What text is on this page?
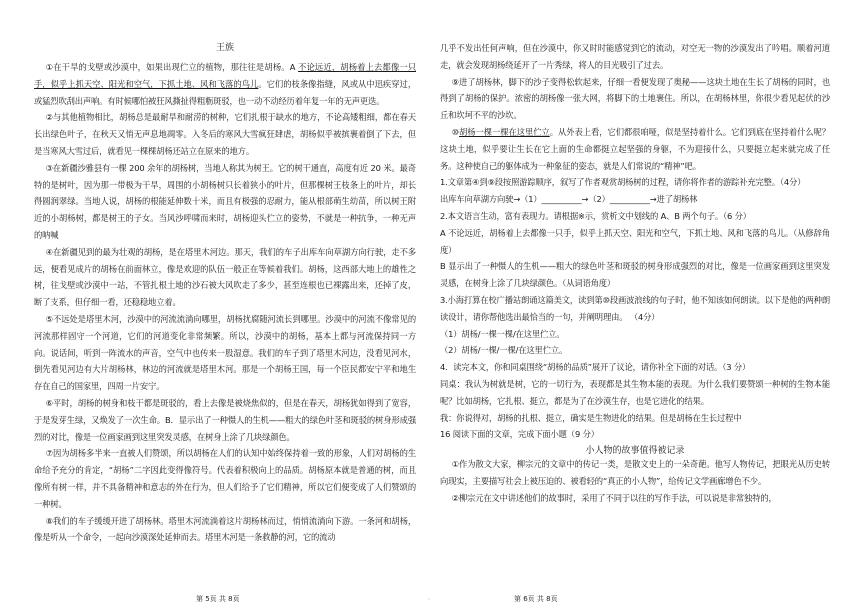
王族

①在干旱的戈壁或沙漠中，如果出现伫立的植物，那往往是胡杨。A 不论远近，胡杨着上去都像一只手，似乎上抓天空、阳光和空气，下抓土地、风和飞落的鸟儿。它们的枝条像指缝，风或从中迅疾穿过，或猛烈吹刮出声响。有时候哪怕被狂风撕扯得粗粝斑驳，也一动不动经历着年复一年的无声更迭。

②与其他植物相比，胡杨总是最耐旱和耐涝的树种，它们扎根于缺水的地方，不论高矮粗细，都在春天长出绿色叶子，在秋天又悄无声息地凋零。入冬后的寒风大雪疯狂肆虐，胡杨似乎被摈裹着倒了下去，但是当寒风大雪过后，就看见一棵棵胡杨还站立在原来的地方。

③在新疆沙雅县有一棵 200 余年的胡杨树，当地人称其为树王。它的树干通直，高度有近 20 米。最奇特的是树叶，因为那一带极为干旱，周围的小胡杨树只长着狭小的叶片，但那棵树王枝条上的叶片，却长得圆润翠绿。当地人说，胡杨的根能延伸数十米，而且有极强的忍耐力，能从根部萌生幼苗，所以树王附近的小胡杨树，都是树王的子女。当风沙呼啸而来时，胡杨迎头伫立的姿势，不就是一种抗争，一种无声的呐喊

④在新疆见到的最为壮观的胡杨，是在塔里木河边。那天，我们的车子出库车向草湖方向行驶，走不多远，便看见成片的胡杨在前面林立，像是欢迎的队伍一般正在等候着我们。胡杨，这西部大地上的雄性之树，往戈壁或沙漠中一站，不管扎根土地的沙石被大风吹走了多少，甚至连根也已裸露出来，还掉了皮，断了支系，但仔细一看，还稳稳地立着。

⑤不远处是塔里木河，沙漠中的河流流淌向哪里，胡杨扰腐随河流长到哪里。沙漠中的河流不像常见的河流那样固守一个河道，它们的河道变化非常频繁。所以，沙漠中的胡杨，基本上都与河流保持同一方向。说话间，听到一阵流水的声音，空气中也传来一股湿意。我们的车子到了塔里木河边，没看见河水，倒先看见河边有大片胡杨林，林边的河流就是塔里木河。那是一个胡杨王国，每一个臣民都安宁平和地生存在自己的国家里，四周一片安宁。

⑥平时，胡杨的树身和枝干都是斑驳的，看上去像是被烧焦似的，但是在春天，胡杨犹如得到了宽容，于是发芽生绿，又焕发了一次生命。B．显示出了一种慑人的生机——粗大的绿色叶茎和斑驳的树身形成强烈的对比，像是一位画家画到这里突发灵感，在树身上涂了几块绿颜色。

⑦因为胡杨多半来一直被人们赞颂，所以胡杨在人们的认知中始终保持着一致的形象，人们对胡杨的生命给予充分的肯定，“胡杨”二字因此变得像符号。代表着积极向上的品质。胡杨原本就是普通的树，而且像所有树一样，并不具备精神和意志的外在行为，但人们给予了它们精神，所以它们便变成了人们赞颂的一种树。

⑧我们的车子缓缓开进了胡杨林。塔里木河流淌着这片胡杨林而过，悄悄流淌向下游。一条河和胡杨，像是听从一个命令，一起向沙漠深处延伸而去。塔里木河是一条救静的河，它的流动

第 5页 共 8页	◦

几乎不发出任何声响，但在沙漠中，你又时时能感觉到它的流动，对空无一物的沙漠发出了吟唱。顺着河道走，就会发现胡杨绕延开了一片秀绿，将人的目光吸引了过去。

⑨进了胡杨林，脚下的沙子变得松软起来，仔细一看便发现了奥秘——这块土地在生长了胡杨的同时，也得到了胡杨的保护。浓密的胡杨像一张大网，将脚下的土地裹住。所以，在胡杨林里，你很少看见起伏的沙丘和坎坷不平的沙坎。

⑩胡杨一棵一棵在这里伫立。从外表上看，它们都很咱哑，似是坚持着什么。它们到底在坚持着什么呢？这块土地，似乎要让生长在它上面的生命都挺立起坚强的身躯，不为迎接什么，只要挺立起来就完成了任务。这种使自己的躯体成为一种象征的姿态，就是人们常说的“精神”吧。

1.文章第④到⑨段按照游踪顺序，叙写了作者观赏胡杨树的过程，请你将作者的游踪补充完整。（4分）

出库车向草湖方向驶→（1）__________→（2）__________→进了胡杨林

2.本文语言生动，富有表现力。请根据※示，赏析文中划线的 A、B 两个句子。（6 分）

A 不论远近，胡杨着上去都像一只手，似乎上抓天空、阳光和空气，下抓土地、风和飞落的鸟儿。（从修辞角度）

B 显示出了一种慑人的生机——粗大的绿色叶茎和斑驳的树身形成强烈的对比，像是一位画家画到这里突发灵感，在树身上涂了几块绿颜色。（从词语角度）

3.小海打算在校广播站朗诵这篇美文，读到第⑩段画波浪线的句子时，他不知该如何朗读。以下是他的两种朗读设计，请你帮他选出最恰当的一句，并阐明理由。 （4分）

（1）胡杨/一棵一棵/在这里伫立。

（2）胡杨/一棵/一棵/在这里伫立。

4．读完本文，你和同桌围绕“胡杨的品质”展开了议论，请你补全下面的对话。（3 分）

同桌：我认为树就是树，它的一切行为，表现都是其生物本能的表现。为什么我们要赞颂一种树的生物本能呢？比如胡杨，它扎根、挺立，都是为了在沙漠生存，也是它进化的结果。

我：你说得对，胡杨的扎根、挺立，确实是生物进化的结果。但是胡杨在生长过程中

16 阅读下面的文章，完成下面小题（9 分）

小人物的故事值得被记录

①作为散文大家，柳宗元的文章中的传记一类，是散文史上的一朵奇葩。他写人物传记，把眼光从历史转向现实，主要描写社会上被压迫的、被看轻的“真正的小人物”，给传记文学画廊增色不少。

②柳宗元在文中讲述他们的故事时，采用了不同于以往的写作手法，可以说是非常独特的，

第 6页 共 8页
